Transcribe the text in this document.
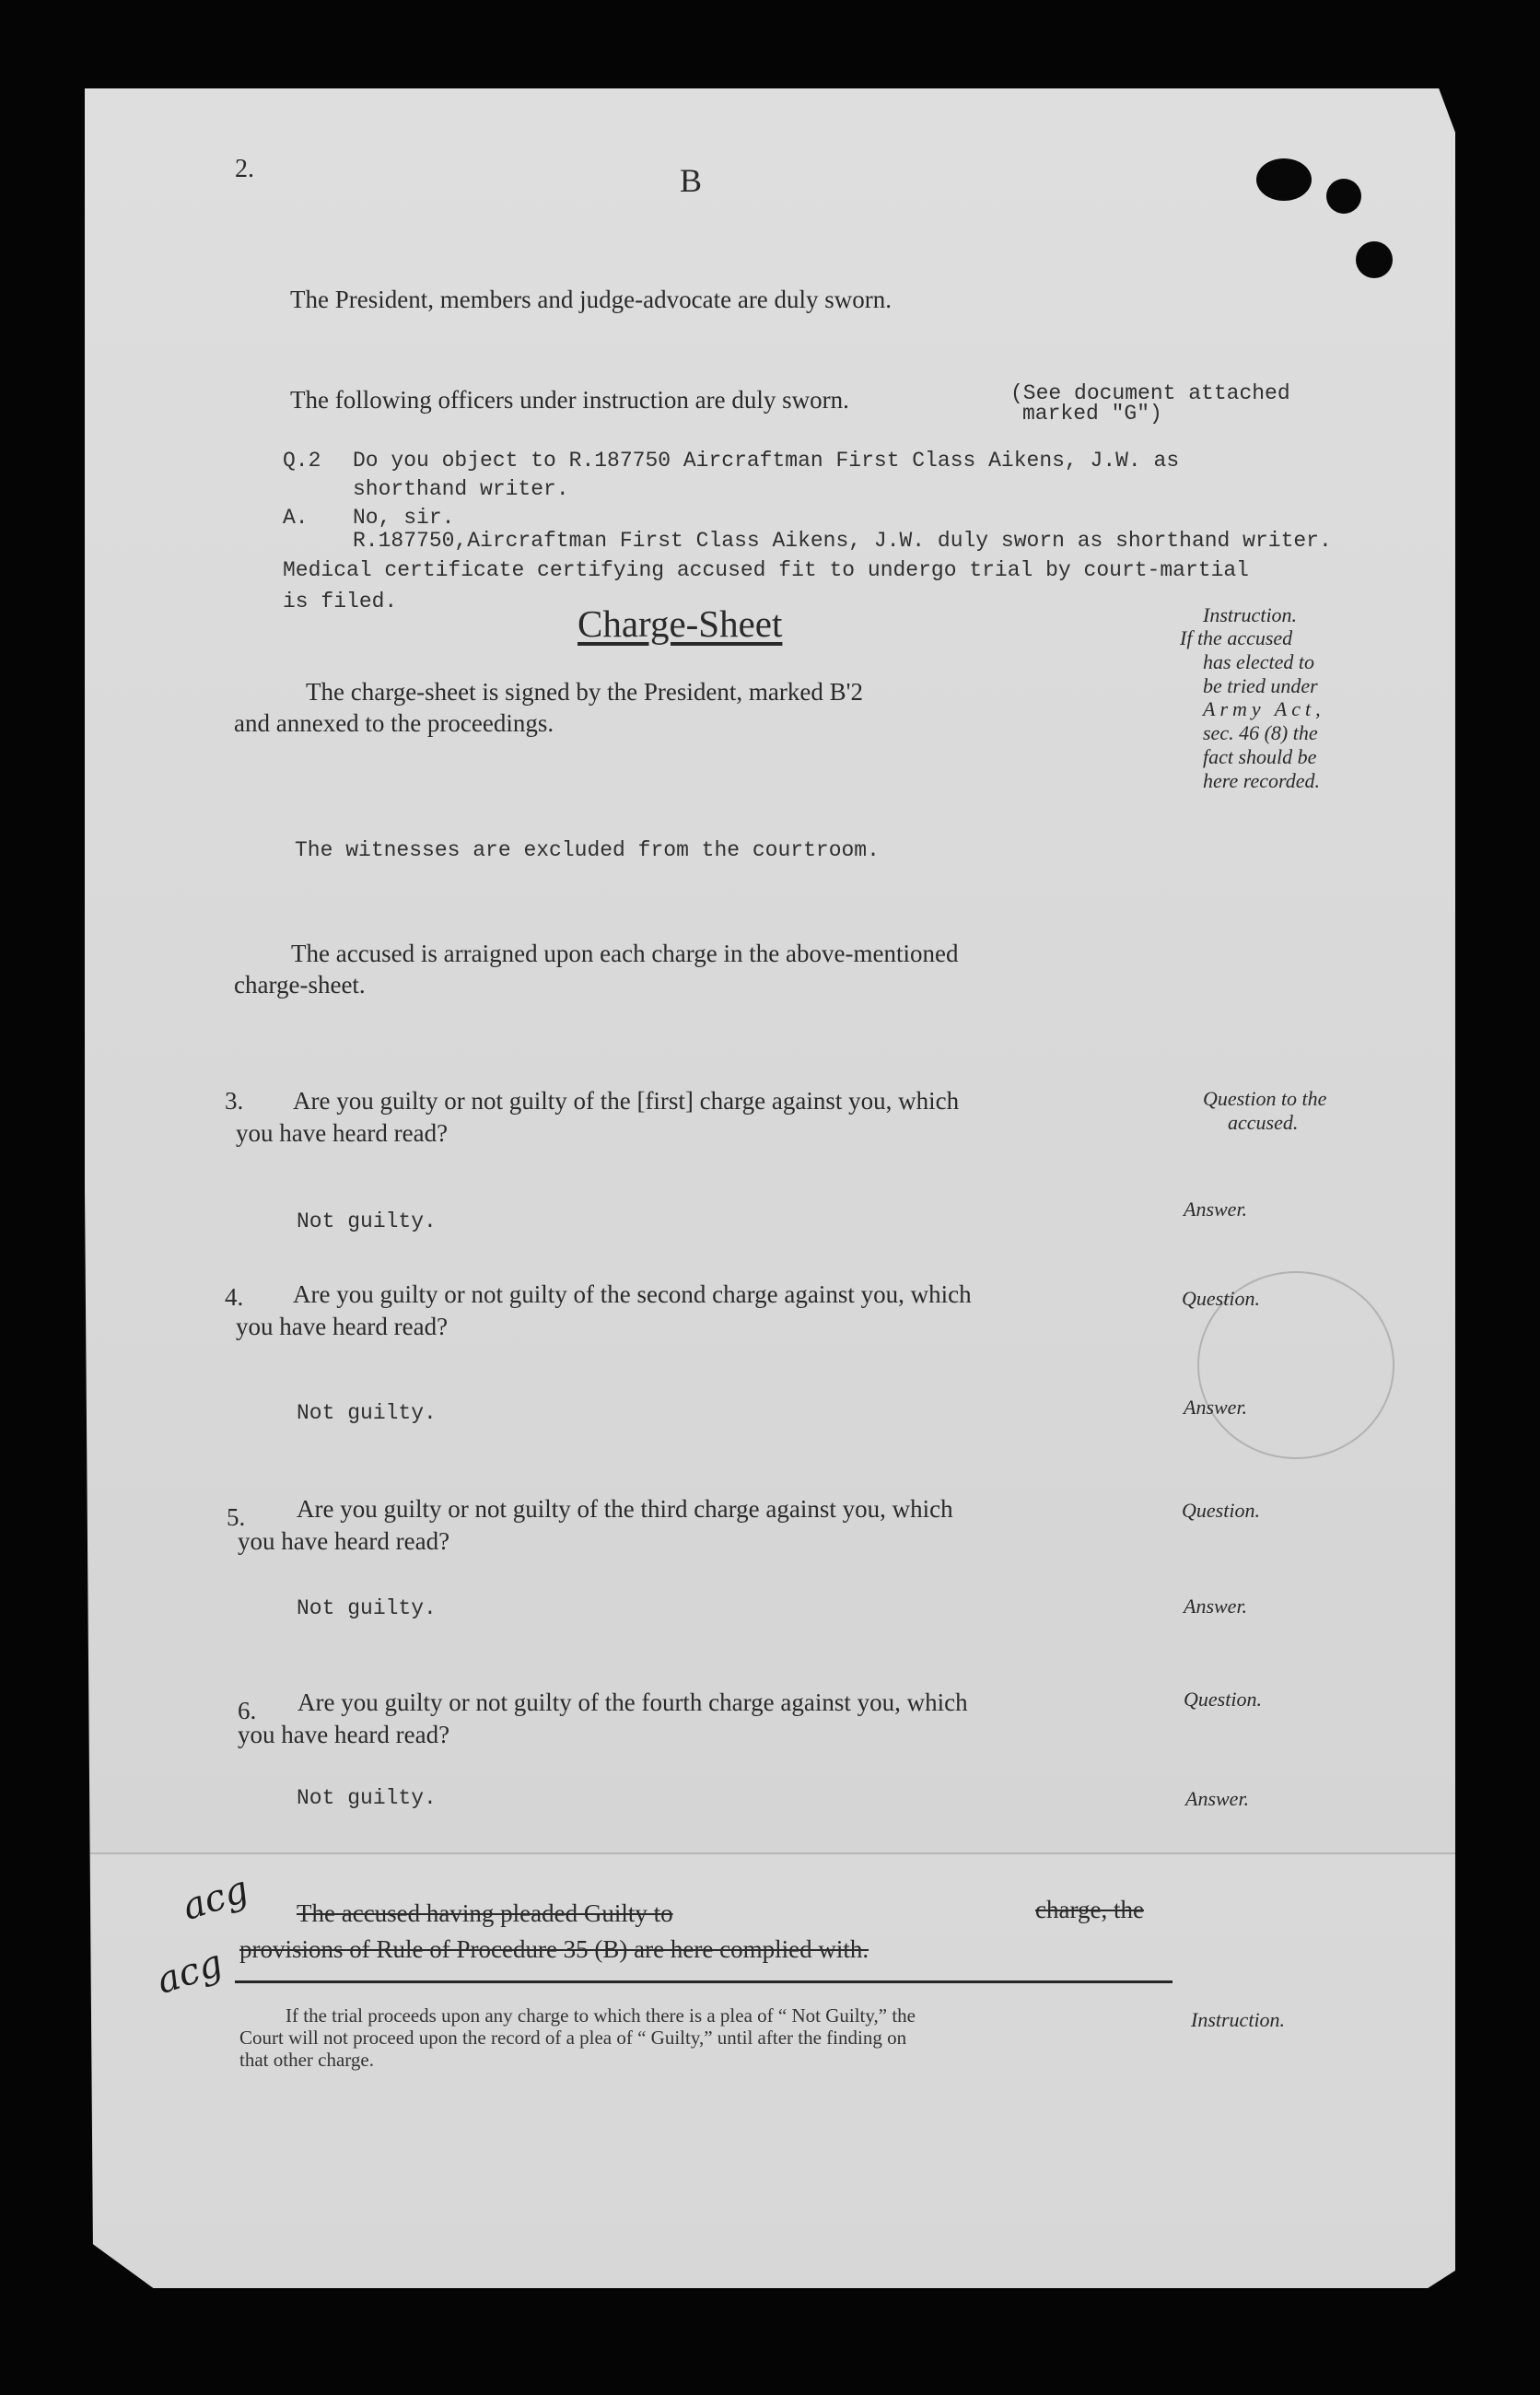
2.	B
The President, members and judge-advocate are duly sworn.
The following officers under instruction are duly sworn.	(See document attached
marked "G")
Q.2 Do you object to R.187750 Aircraftman First Class Aikens, J.W. as
shorthand writer.
A. No, sir.
R.187750,Aircraftman First Class Aikens, J.W. duly sworn as shorthand writer.
Medical certificate certifying accused fit to undergo trial by court-martial
is filed.
Charge-Sheet
The charge-sheet is signed by the President, marked B'2
and annexed to the proceedings.
Instruction.
If the accused
has elected to
be tried under
Army Act,
sec. 46 (8) the
fact should be
here recorded.
The witnesses are excluded from the courtroom.
The accused is arraigned upon each charge in the above-mentioned
charge-sheet.
3. Are you guilty or not guilty of the [first] charge against you, which
you have heard read?
Question to the
accused.
Not guilty.
Answer.
4. Are you guilty or not guilty of the second charge against you, which
you have heard read?
Question.
Not guilty.	Answer.
5. Are you guilty or not guilty of the third charge against you, which
you have heard read?
Question.
Not guilty.	Answer.
6. Are you guilty or not guilty of the fourth charge against you, which
you have heard read?
Question.
Not guilty.	Answer.
acg
acg
The accused having pleaded Guilty to	charge, the
provisions of Rule of Procedure 35 (B) are here complied with.
If the trial proceeds upon any charge to which there is a plea of “ Not Guilty,” the
Court will not proceed upon the record of a plea of “ Guilty,” until after the finding on
that other charge.
Instruction.
